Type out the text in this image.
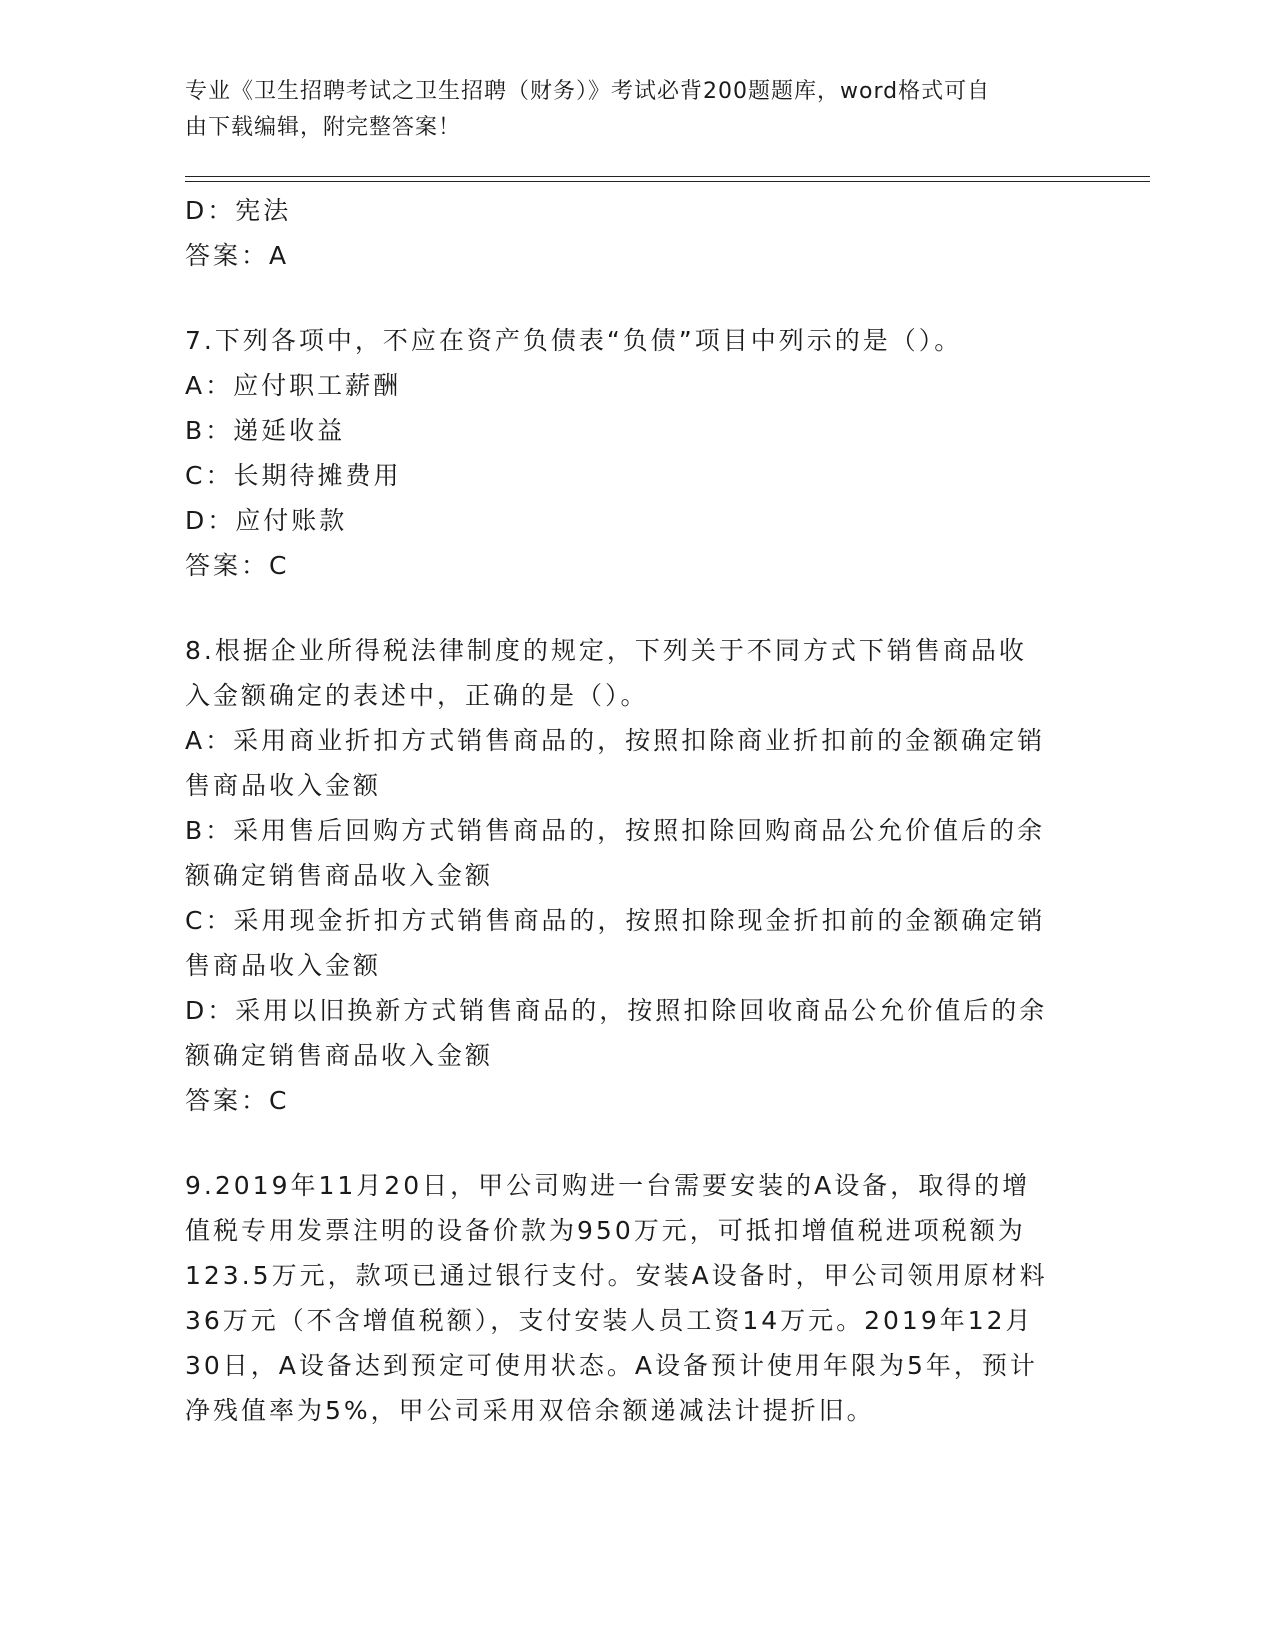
专业《卫生招聘考试之卫生招聘（财务）》考试必背200题题库，word格式可自
由下载编辑，附完整答案！
D：宪法
答案：A
7.下列各项中，不应在资产负债表“负债”项目中列示的是（）。
A：应付职工薪酬
B：递延收益
C：长期待摊费用
D：应付账款
答案：C
8.根据企业所得税法律制度的规定，下列关于不同方式下销售商品收
入金额确定的表述中，正确的是（）。
A：采用商业折扣方式销售商品的，按照扣除商业折扣前的金额确定销
售商品收入金额
B：采用售后回购方式销售商品的，按照扣除回购商品公允价值后的余
额确定销售商品收入金额
C：采用现金折扣方式销售商品的，按照扣除现金折扣前的金额确定销
售商品收入金额
D：采用以旧换新方式销售商品的，按照扣除回收商品公允价值后的余
额确定销售商品收入金额
答案：C
9.2019年11月20日，甲公司购进一台需要安装的A设备，取得的增
值税专用发票注明的设备价款为950万元，可抵扣增值税进项税额为
123.5万元，款项已通过银行支付。安装A设备时，甲公司领用原材料
36万元（不含增值税额），支付安装人员工资14万元。2019年12月
30日，A设备达到预定可使用状态。A设备预计使用年限为5年，预计
净残值率为5%，甲公司采用双倍余额递减法计提折旧。
